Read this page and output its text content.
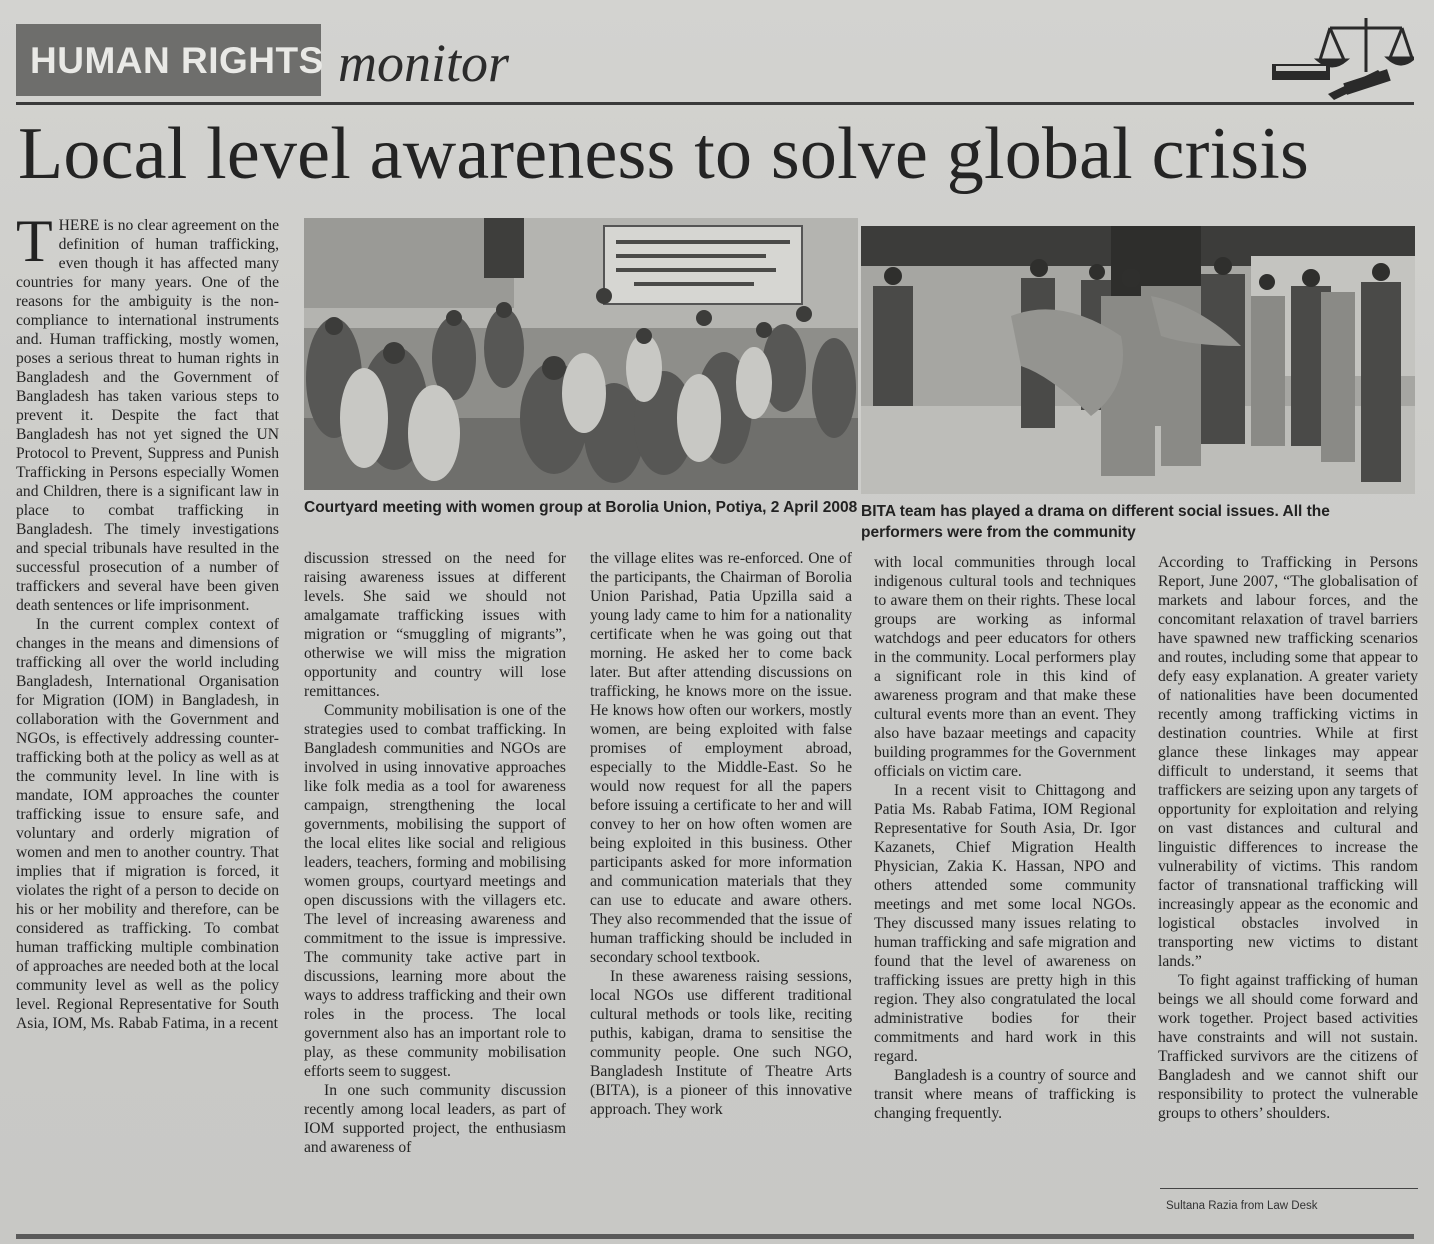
HUMAN RIGHTS monitor
Local level awareness to solve global crisis
Courtyard meeting with women group at Borolia Union, Potiya, 2 April 2008 BITA team has played a drama on different social issues. All the performers were from the community

THERE is no clear agreement on the definition of human trafficking, even though it has affected many countries for many years. One of the reasons for the ambiguity is the non-compliance to international instruments and. Human trafficking, mostly women, poses a serious threat to human rights in Bangladesh and the Government of Bangladesh has taken various steps to prevent it. Despite the fact that Bangladesh has not yet signed the UN Protocol to Prevent, Suppress and Punish Trafficking in Persons especially Women and Children, there is a significant law in place to combat trafficking in Bangladesh. The timely investigations and special tribunals have resulted in the successful prosecution of a number of traffickers and several have been given death sentences or life imprisonment.

In the current complex context of changes in the means and dimensions of trafficking all over the world including Bangladesh, International Organisation for Migration (IOM) in Bangladesh, in collaboration with the Government and NGOs, is effectively addressing counter-trafficking both at the policy as well as at the community level. In line with is mandate, IOM approaches the counter trafficking issue to ensure safe, and voluntary and orderly migration of women and men to another country. That implies that if migration is forced, it violates the right of a person to decide on his or her mobility and therefore, can be considered as trafficking. To combat human trafficking multiple combination of approaches are needed both at the local community level as well as the policy level. Regional Representative for South Asia, IOM, Ms. Rabab Fatima, in a recent

discussion stressed on the need for raising awareness issues at different levels. She said we should not amalgamate trafficking issues with migration or “smuggling of migrants”, otherwise we will miss the migration opportunity and country will lose remittances.

Community mobilisation is one of the strategies used to combat trafficking. In Bangladesh communities and NGOs are involved in using innovative approaches like folk media as a tool for awareness campaign, strengthening the local governments, mobilising the support of the local elites like social and religious leaders, teachers, forming and mobilising women groups, courtyard meetings and open discussions with the villagers etc. The level of increasing awareness and commitment to the issue is impressive. The community take active part in discussions, learning more about the ways to address trafficking and their own roles in the process. The local government also has an important role to play, as these community mobilisation efforts seem to suggest.

In one such community discussion recently among local leaders, as part of IOM supported project, the enthusiasm and awareness of

the village elites was re-enforced. One of the participants, the Chairman of Borolia Union Parishad, Patia Upzilla said a young lady came to him for a nationality certificate when he was going out that morning. He asked her to come back later. But after attending discussions on trafficking, he knows more on the issue. He knows how often our workers, mostly women, are being exploited with false promises of employment abroad, especially to the Middle-East. So he would now request for all the papers before issuing a certificate to her and will convey to her on how often women are being exploited in this business. Other participants asked for more information and communication materials that they can use to educate and aware others. They also recommended that the issue of human trafficking should be included in secondary school textbook.

In these awareness raising sessions, local NGOs use different traditional cultural methods or tools like, reciting puthis, kabigan, drama to sensitise the community people. One such NGO, Bangladesh Institute of Theatre Arts (BITA), is a pioneer of this innovative approach. They work

with local communities through local indigenous cultural tools and techniques to aware them on their rights. These local groups are working as informal watchdogs and peer educators for others in the community. Local performers play a significant role in this kind of awareness program and that make these cultural events more than an event. They also have bazaar meetings and capacity building programmes for the Government officials on victim care.

In a recent visit to Chittagong and Patia Ms. Rabab Fatima, IOM Regional Representative for South Asia, Dr. Igor Kazanets, Chief Migration Health Physician, Zakia K. Hassan, NPO and others attended some community meetings and met some local NGOs. They discussed many issues relating to human trafficking and safe migration and found that the level of awareness on trafficking issues are pretty high in this region. They also congratulated the local administrative bodies for their commitments and hard work in this regard.

Bangladesh is a country of source and transit where means of trafficking is changing frequently.

According to Trafficking in Persons Report, June 2007, “The globalisation of markets and labour forces, and the concomitant relaxation of travel barriers have spawned new trafficking scenarios and routes, including some that appear to defy easy explanation. A greater variety of nationalities have been documented recently among trafficking victims in destination countries. While at first glance these linkages may appear difficult to understand, it seems that traffickers are seizing upon any targets of opportunity for exploitation and relying on vast distances and cultural and linguistic differences to increase the vulnerability of victims. This random factor of transnational trafficking will increasingly appear as the economic and logistical obstacles involved in transporting new victims to distant lands.”

To fight against trafficking of human beings we all should come forward and work together. Project based activities have constraints and will not sustain. Trafficked survivors are the citizens of Bangladesh and we cannot shift our responsibility to protect the vulnerable groups to others’ shoulders.

Sultana Razia from Law Desk
